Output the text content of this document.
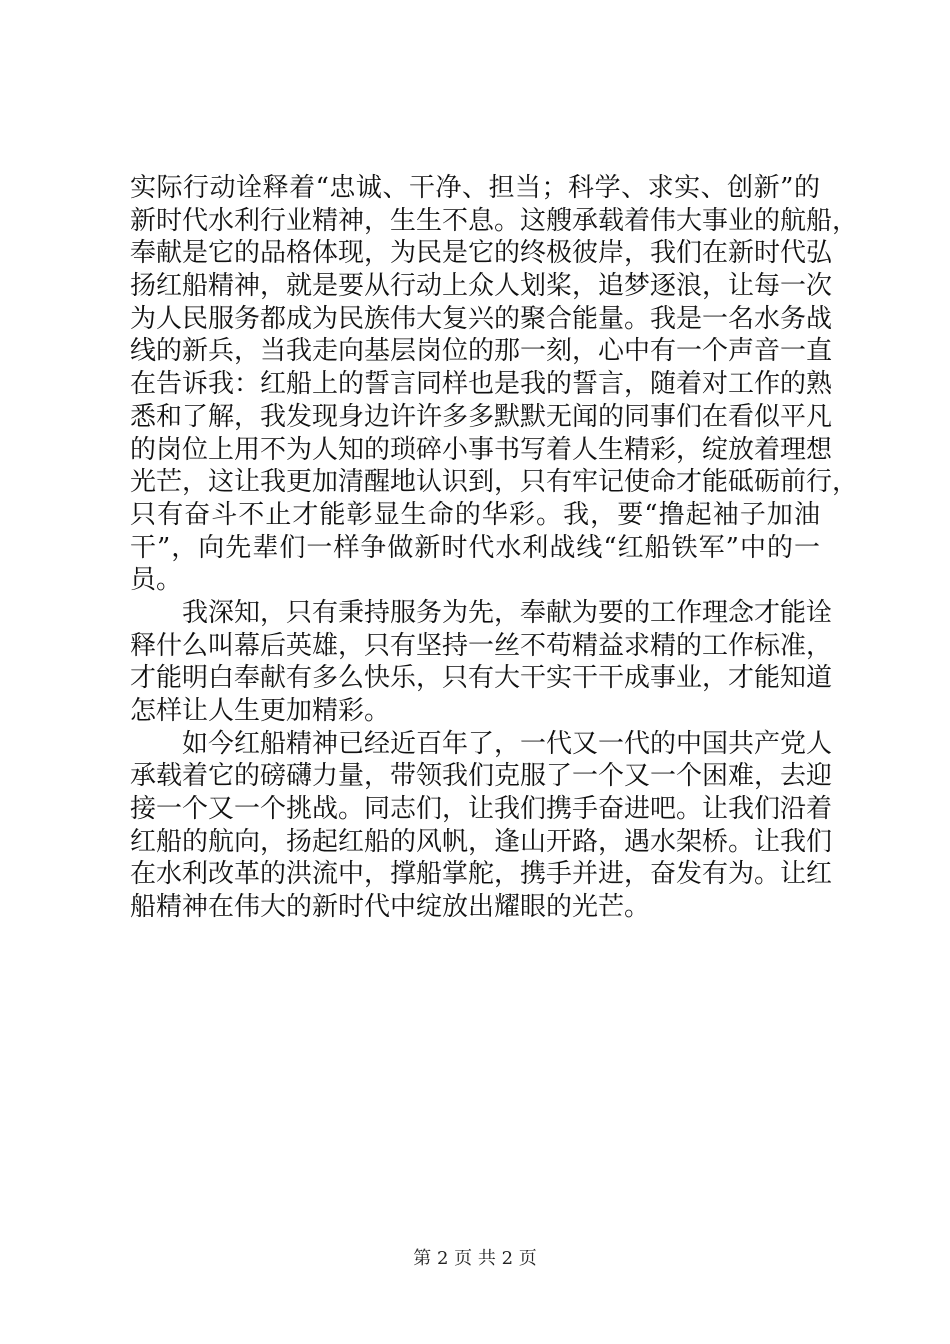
实际行动诠释着“忠诚、干净、担当；科学、求实、创新”的
新时代水利行业精神，生生不息。这艘承载着伟大事业的航船，
奉献是它的品格体现，为民是它的终极彼岸，我们在新时代弘
扬红船精神，就是要从行动上众人划桨，追梦逐浪，让每一次
为人民服务都成为民族伟大复兴的聚合能量。我是一名水务战
线的新兵，当我走向基层岗位的那一刻，心中有一个声音一直
在告诉我：红船上的誓言同样也是我的誓言，随着对工作的熟
悉和了解，我发现身边许许多多默默无闻的同事们在看似平凡
的岗位上用不为人知的琐碎小事书写着人生精彩，绽放着理想
光芒，这让我更加清醒地认识到，只有牢记使命才能砥砺前行，
只有奋斗不止才能彰显生命的华彩。我，要“撸起袖子加油
干”，向先辈们一样争做新时代水利战线“红船铁军”中的一
员。
我深知，只有秉持服务为先，奉献为要的工作理念才能诠
释什么叫幕后英雄，只有坚持一丝不苟精益求精的工作标准，
才能明白奉献有多么快乐，只有大干实干干成事业，才能知道
怎样让人生更加精彩。
如今红船精神已经近百年了，一代又一代的中国共产党人
承载着它的磅礴力量，带领我们克服了一个又一个困难，去迎
接一个又一个挑战。同志们，让我们携手奋进吧。让我们沿着
红船的航向，扬起红船的风帆，逢山开路，遇水架桥。让我们
在水利改革的洪流中，撑船掌舵，携手并进，奋发有为。让红
船精神在伟大的新时代中绽放出耀眼的光芒。
第 2 页 共 2 页
